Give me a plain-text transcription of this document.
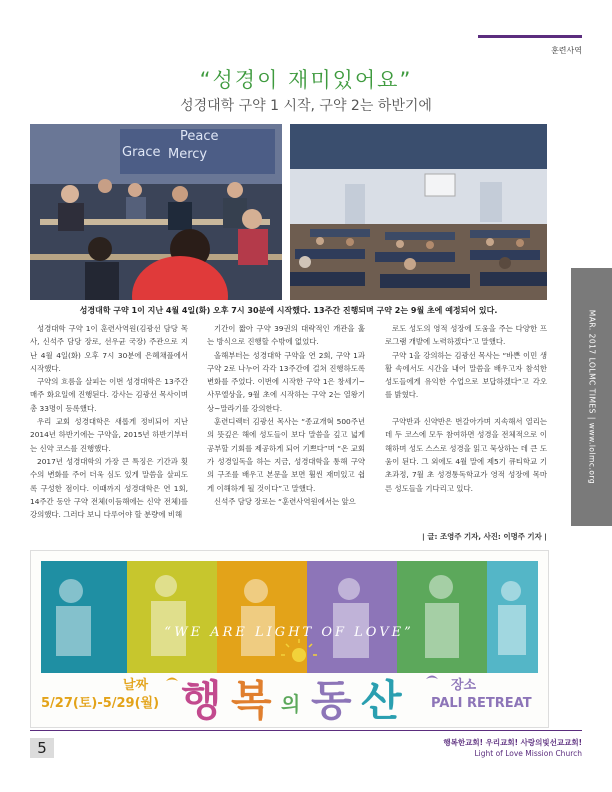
훈련사역
“성경이 재미있어요”
성경대학 구약 1 시작, 구약 2는 하반기에
Peace
Grace Mercy
성경대학 구약 1이 지난 4월 4일(화) 오후 7시 30분에 시작했다. 13주간 진행되며 구약 2는 9월 초에 예정되어 있다.

성경대학 구약 1이 훈련사역원(김광선 담당 목사, 신석주 담당 장로, 선우균 국장) 주관으로 지난 4월 4일(화) 오후 7시 30분에 은혜채플에서 시작했다.

구약의 흐름을 살피는 이번 성경대학은 13주간 매주 화요일에 진행된다. 강사는 김광선 목사이며 총 33명이 등록했다.

우리 교회 성경대학은 새롭게 정비되어 지난 2014년 하반기에는 구약을, 2015년 하반기부터는 신약 코스를 진행했다.

2017년 성경대학의 가장 큰 특징은 기간과 횟수의 변화를 주어 더욱 심도 있게 말씀을 살피도록 구성한 점이다. 이때까지 성경대학은 연 1회, 14주간 동안 구약 전체(이듬해에는 신약 전체)를 강의했다. 그러다 보니 다루어야 할 분량에 비해

기간이 짧아 구약 39권의 대략적인 개관을 훑는 방식으로 진행할 수밖에 없었다.

올해부터는 성경대학 구약을 연 2회, 구약 1과 구약 2로 나누어 각각 13주간에 걸쳐 진행하도록 변화를 주었다. 이번에 시작한 구약 1은 창세기~사무엘상을, 9월 초에 시작하는 구약 2는 열왕기상~말라기를 강의한다.

훈련디렉터 김광선 목사는 “종교개혁 500주년의 뜻깊은 해에 성도들이 보다 말씀을 깊고 넓게 공부할 기회를 제공하게 되어 기쁘다”며 “온 교회가 성경일독을 하는 지금, 성경대학을 통해 구약의 구조를 배우고 본문을 보면 훨씬 재미있고 쉽게 이해하게 될 것이다”고 말했다.

신석주 담당 장로는 “훈련사역원에서는 앞으

로도 성도의 영적 성장에 도움을 주는 다양한 프로그램 개발에 노력하겠다”고 말했다.

구약 1을 강의하는 김광선 목사는 “바쁜 이민 생활 속에서도 시간을 내어 말씀을 배우고자 참석한 성도들에게 유익한 수업으로 보답하겠다”고 각오를 밝혔다.

구약반과 신약반은 번갈아가며 지속해서 열리는데 두 코스에 모두 참여하면 성경을 전체적으로 이해하며 성도 스스로 성경을 읽고 묵상하는 데 큰 도움이 된다. 그 외에도 4월 말에 제5기 큐티학교 기초과정, 7월 초 성경통독학교가 영적 성장에 목마른 성도들을 기다리고 있다.

| 글: 조영주 기자, 사진: 이명주 기자 |
MAR. 2017 LOLMC TIMES | www.lolmc.org
“WE ARE LIGHT OF LOVE”
날짜
5/27(토)-5/29(월) 행 복 의 동 산	장소
PALI RETREAT
5	행복한교회! 우리교회! 사랑의빛선교교회!
Light of Love Mission Church
